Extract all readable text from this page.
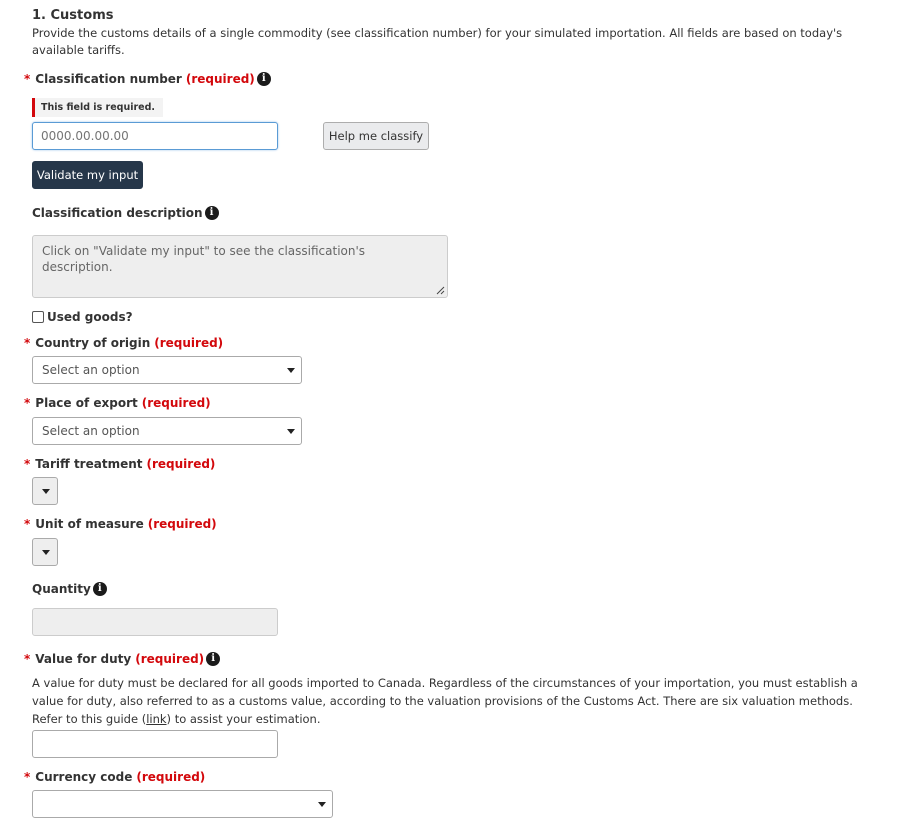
1. Customs
Provide the customs details of a single commodity (see classification number) for your simulated importation. All fields are based on today's available tariffs.
* Classification number (required) i
This field is required.
0000.00.00.00
Help me classify
Validate my input
Classification description i
Click on "Validate my input" to see the classification's description.
Used goods?
* Country of origin (required)
Select an option
* Place of export (required)
Select an option
* Tariff treatment (required)
* Unit of measure (required)
Quantity i
* Value for duty (required) i
A value for duty must be declared for all goods imported to Canada. Regardless of the circumstances of your importation, you must establish a value for duty, also referred to as a customs value, according to the valuation provisions of the Customs Act. There are six valuation methods. Refer to this guide (link) to assist your estimation.
* Currency code (required)
